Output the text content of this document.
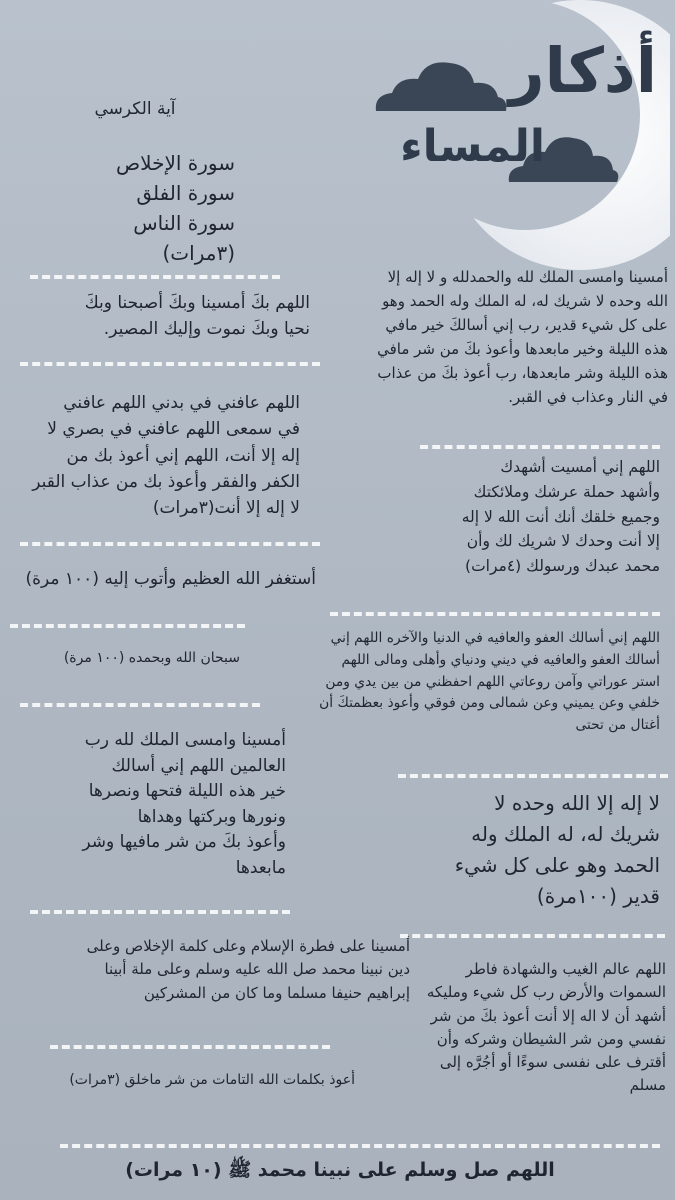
أذكار
المساء
آية الكرسي
سورة الإخلاص
سورة الفلق
سورة الناس
(٣مرات)
اللهم بكَ أمسينا وبكَ أصبحنا وبكَ
نحيا وبكَ نموت وإليك المصير.
اللهم عافني في بدني اللهم عافني
في سمعى اللهم عافني في بصري لا
إله إلا أنت، اللهم إني أعوذ بك من
الكفر والفقر وأعوذ بك من عذاب القبر
لا إله إلا أنت(٣مرات)
أستغفر الله العظيم وأتوب إليه (١٠٠ مرة)
سبحان الله وبحمده (١٠٠ مرة)
أمسينا وامسى الملك لله رب
العالمين اللهم إني أسالك
خير هذه الليلة فتحها ونصرها
ونورها وبركتها وهداها
وأعوذ بكَ من شر مافيها وشر
مابعدها
أمسينا على فطرة الإسلام وعلى كلمة الإخلاص وعلى
دين نبينا محمد صل الله عليه وسلم وعلى ملة أبينا
إبراهيم حنيفا مسلما وما كان من المشركين
أعوذ بكلمات الله التامات من شر ماخلق (٣مرات)
أمسينا وامسى الملك لله والحمدلله و لا إله إلا
الله وحده لا شريك له، له الملك وله الحمد وهو
على كل شيء قدير، رب إني أسالكَ خير مافي
هذه الليلة وخير مابعدها وأعوذ بكَ من شر مافي
هذه الليلة وشر مابعدها، رب أعوذ بكَ من عذاب
في النار وعذاب في القبر.
اللهم إني أمسيت أشهدك
وأشهد حملة عرشك وملائكتك
وجميع خلقك أنك أنت الله لا إله
إلا أنت وحدك لا شريك لك وأن
محمد عبدك ورسولك (٤مرات)
اللهم إني أسالك العفو والعافيه في الدنيا والآخره اللهم إني
أسالك العفو والعافيه في ديني ودنياي وأهلى ومالى اللهم
استر عوراتي وآمن روعاتي اللهم احفظني من بين يدي ومن
خلفي وعن يميني وعن شمالى ومن فوقي وأعوذ بعظمتكَ أن
أغتال من تحتى
لا إله إلا الله وحده لا
شريك له، له الملك وله
الحمد وهو على كل شيء
قدير (١٠٠مرة)
اللهم عالم الغيب والشهادة فاطر
السموات والأرض رب كل شيء ومليكه
أشهد أن لا اله إلا أنت أعوذ بكَ من شر
نفسي ومن شر الشيطان وشركه وأن
أقترف على نفسى سوءًا أو أجُرَّه إلى
مسلم
اللهم صل وسلم على نبينا محمد ﷺ (١٠ مرات)
